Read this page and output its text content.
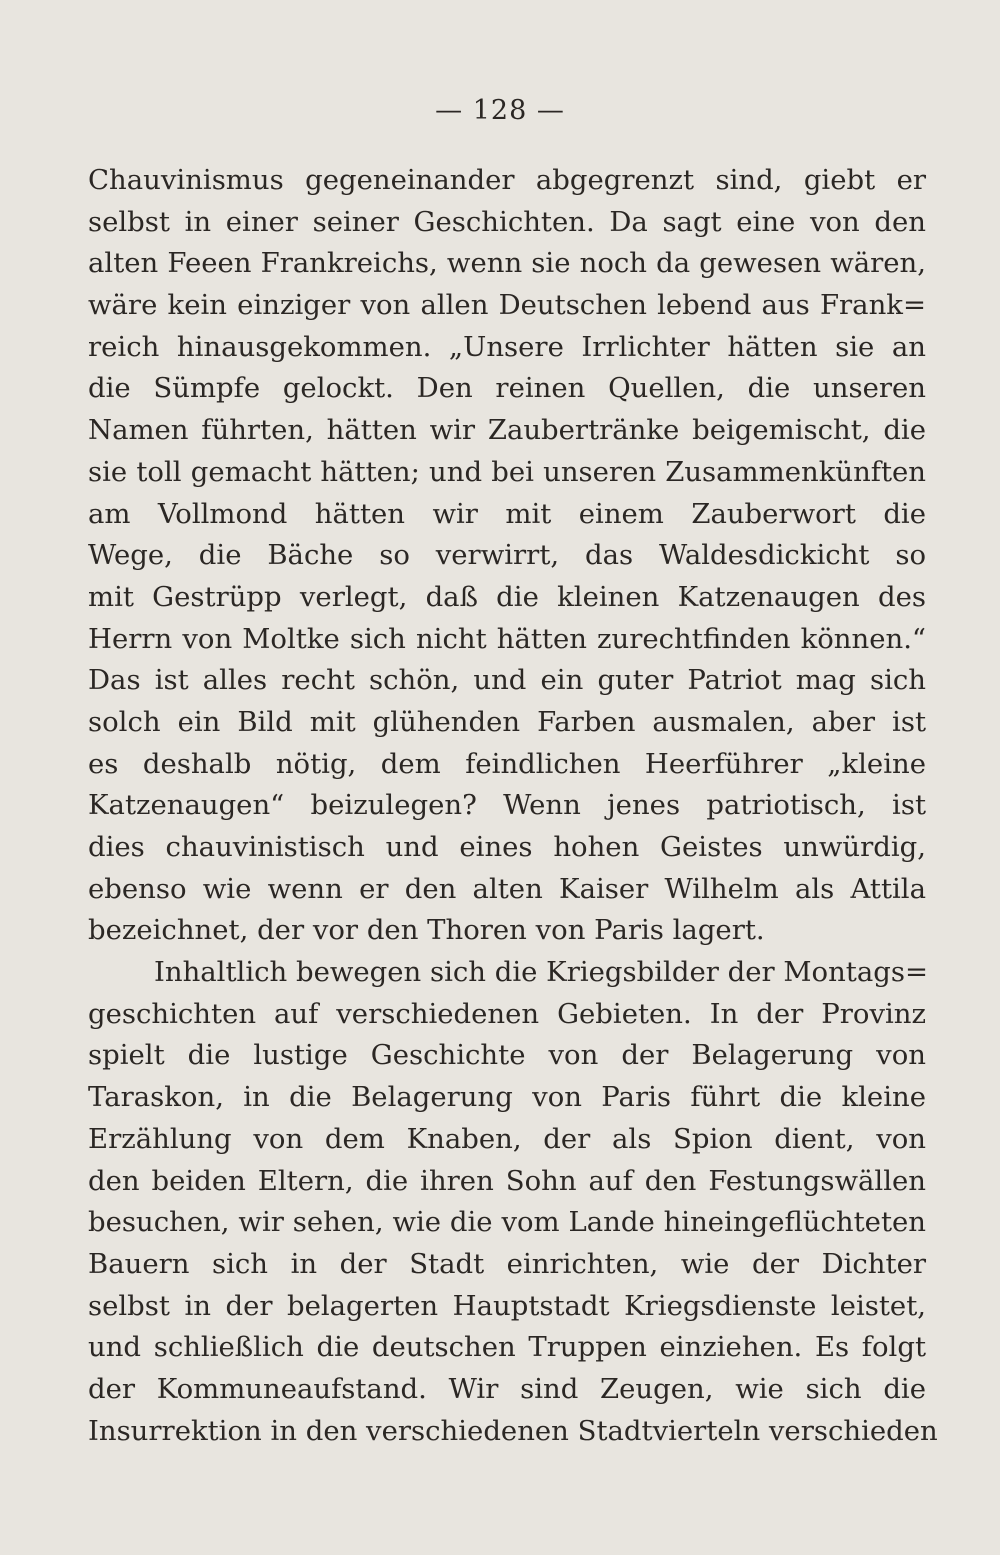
— 128 —
Chauvinismus gegeneinander abgegrenzt sind, giebt er
selbst in einer seiner Geschichten. Da sagt eine von den
alten Feeen Frankreichs, wenn sie noch da gewesen wären,
wäre kein einziger von allen Deutschen lebend aus Frank=
reich hinausgekommen. „Unsere Irrlichter hätten sie an
die Sümpfe gelockt. Den reinen Quellen, die unseren
Namen führten, hätten wir Zaubertränke beigemischt, die
sie toll gemacht hätten; und bei unseren Zusammenkünften
am Vollmond hätten wir mit einem Zauberwort die
Wege, die Bäche so verwirrt, das Waldesdickicht so
mit Gestrüpp verlegt, daß die kleinen Katzenaugen des
Herrn von Moltke sich nicht hätten zurechtfinden können.“
Das ist alles recht schön, und ein guter Patriot mag sich
solch ein Bild mit glühenden Farben ausmalen, aber ist
es deshalb nötig, dem feindlichen Heerführer „kleine
Katzenaugen“ beizulegen? Wenn jenes patriotisch, ist
dies chauvinistisch und eines hohen Geistes unwürdig,
ebenso wie wenn er den alten Kaiser Wilhelm als Attila
bezeichnet, der vor den Thoren von Paris lagert.
Inhaltlich bewegen sich die Kriegsbilder der Montags=
geschichten auf verschiedenen Gebieten. In der Provinz
spielt die lustige Geschichte von der Belagerung von
Taraskon, in die Belagerung von Paris führt die kleine
Erzählung von dem Knaben, der als Spion dient, von
den beiden Eltern, die ihren Sohn auf den Festungswällen
besuchen, wir sehen, wie die vom Lande hineingeflüchteten
Bauern sich in der Stadt einrichten, wie der Dichter
selbst in der belagerten Hauptstadt Kriegsdienste leistet,
und schließlich die deutschen Truppen einziehen. Es folgt
der Kommuneaufstand. Wir sind Zeugen, wie sich die
Insurrektion in den verschiedenen Stadtvierteln verschieden
